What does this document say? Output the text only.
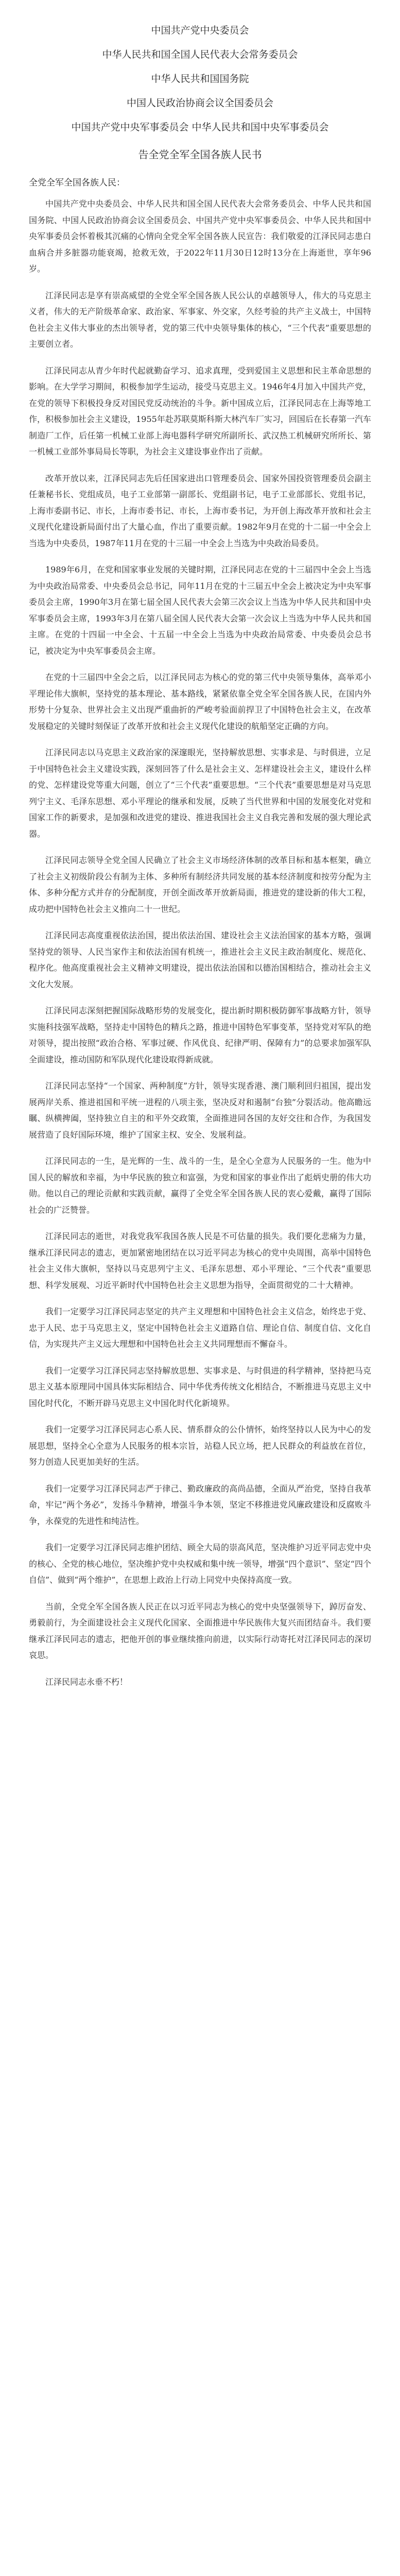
中国共产党中央委员会
中华人民共和国全国人民代表大会常务委员会
中华人民共和国国务院
中国人民政治协商会议全国委员会
中国共产党中央军事委员会 中华人民共和国中央军事委员会
告全党全军全国各族人民书
全党全军全国各族人民：

中国共产党中央委员会、中华人民共和国全国人民代表大会常务委员会、中华人民共和国国务院、中国人民政治协商会议全国委员会、中国共产党中央军事委员会、中华人民共和国中央军事委员会怀着极其沉痛的心情向全党全军全国各族人民宣告：我们敬爱的江泽民同志患白血病合并多脏器功能衰竭，抢救无效，于2022年11月30日12时13分在上海逝世，享年96岁。

江泽民同志是享有崇高威望的全党全军全国各族人民公认的卓越领导人，伟大的马克思主义者，伟大的无产阶级革命家、政治家、军事家、外交家，久经考验的共产主义战士，中国特色社会主义伟大事业的杰出领导者，党的第三代中央领导集体的核心，“三个代表”重要思想的主要创立者。

江泽民同志从青少年时代起就勤奋学习、追求真理，受到爱国主义思想和民主革命思想的影响。在大学学习期间，积极参加学生运动，接受马克思主义。1946年4月加入中国共产党，在党的领导下积极投身反对国民党反动统治的斗争。新中国成立后，江泽民同志在上海等地工作，积极参加社会主义建设，1955年赴苏联莫斯科斯大林汽车厂实习，回国后在长春第一汽车制造厂工作，后任第一机械工业部上海电器科学研究所副所长、武汉热工机械研究所所长、第一机械工业部外事局局长等职，为社会主义建设事业作出了贡献。

改革开放以来，江泽民同志先后任国家进出口管理委员会、国家外国投资管理委员会副主任兼秘书长、党组成员，电子工业部第一副部长、党组副书记，电子工业部部长、党组书记，上海市委副书记、市长，上海市委书记、市长，上海市委书记，为开创上海改革开放和社会主义现代化建设新局面付出了大量心血，作出了重要贡献。1982年9月在党的十二届一中全会上当选为中央委员，1987年11月在党的十三届一中全会上当选为中央政治局委员。

1989年6月，在党和国家事业发展的关键时期，江泽民同志在党的十三届四中全会上当选为中央政治局常委、中央委员会总书记，同年11月在党的十三届五中全会上被决定为中央军事委员会主席，1990年3月在第七届全国人民代表大会第三次会议上当选为中华人民共和国中央军事委员会主席，1993年3月在第八届全国人民代表大会第一次会议上当选为中华人民共和国主席。在党的十四届一中全会、十五届一中全会上当选为中央政治局常委、中央委员会总书记，被决定为中央军事委员会主席。

在党的十三届四中全会之后，以江泽民同志为核心的党的第三代中央领导集体，高举邓小平理论伟大旗帜，坚持党的基本理论、基本路线，紧紧依靠全党全军全国各族人民，在国内外形势十分复杂、世界社会主义出现严重曲折的严峻考验面前捍卫了中国特色社会主义，在改革发展稳定的关键时刻保证了改革开放和社会主义现代化建设的航船坚定正确的方向。

江泽民同志以马克思主义政治家的深邃眼光，坚持解放思想、实事求是、与时俱进，立足于中国特色社会主义建设实践，深刻回答了什么是社会主义、怎样建设社会主义，建设什么样的党、怎样建设党等重大问题，创立了“三个代表”重要思想。“三个代表”重要思想是对马克思列宁主义、毛泽东思想、邓小平理论的继承和发展，反映了当代世界和中国的发展变化对党和国家工作的新要求，是加强和改进党的建设、推进我国社会主义自我完善和发展的强大理论武器。

江泽民同志领导全党全国人民确立了社会主义市场经济体制的改革目标和基本框架，确立了社会主义初级阶段公有制为主体、多种所有制经济共同发展的基本经济制度和按劳分配为主体、多种分配方式并存的分配制度，开创全面改革开放新局面，推进党的建设新的伟大工程，成功把中国特色社会主义推向二十一世纪。

江泽民同志高度重视依法治国，提出依法治国、建设社会主义法治国家的基本方略，强调坚持党的领导、人民当家作主和依法治国有机统一，推进社会主义民主政治制度化、规范化、程序化。他高度重视社会主义精神文明建设，提出依法治国和以德治国相结合，推动社会主义文化大发展。

江泽民同志深刻把握国际战略形势的发展变化，提出新时期积极防御军事战略方针，领导实施科技强军战略，坚持走中国特色的精兵之路，推进中国特色军事变革，坚持党对军队的绝对领导，提出按照“政治合格、军事过硬、作风优良、纪律严明、保障有力”的总要求加强军队全面建设，推动国防和军队现代化建设取得新成就。

江泽民同志坚持“一个国家、两种制度”方针，领导实现香港、澳门顺利回归祖国，提出发展两岸关系、推进祖国和平统一进程的八项主张，坚决反对和遏制“台独”分裂活动。他高瞻远瞩、纵横捭阖，坚持独立自主的和平外交政策，全面推进同各国的友好交往和合作，为我国发展营造了良好国际环境，维护了国家主权、安全、发展利益。

江泽民同志的一生，是光辉的一生、战斗的一生，是全心全意为人民服务的一生。他为中国人民的解放和幸福，为中华民族的独立和富强，为党和国家的事业作出了彪炳史册的伟大功勋。他以自己的理论贡献和实践贡献，赢得了全党全军全国各族人民的衷心爱戴，赢得了国际社会的广泛赞誉。

江泽民同志的逝世，对我党我军我国各族人民是不可估量的损失。我们要化悲痛为力量，继承江泽民同志的遗志，更加紧密地团结在以习近平同志为核心的党中央周围，高举中国特色社会主义伟大旗帜，坚持以马克思列宁主义、毛泽东思想、邓小平理论、“三个代表”重要思想、科学发展观、习近平新时代中国特色社会主义思想为指导，全面贯彻党的二十大精神。

我们一定要学习江泽民同志坚定的共产主义理想和中国特色社会主义信念，始终忠于党、忠于人民、忠于马克思主义，坚定中国特色社会主义道路自信、理论自信、制度自信、文化自信，为实现共产主义远大理想和中国特色社会主义共同理想而不懈奋斗。

我们一定要学习江泽民同志坚持解放思想、实事求是、与时俱进的科学精神，坚持把马克思主义基本原理同中国具体实际相结合、同中华优秀传统文化相结合，不断推进马克思主义中国化时代化，不断开辟马克思主义中国化时代化新境界。

我们一定要学习江泽民同志心系人民、情系群众的公仆情怀，始终坚持以人民为中心的发展思想，坚持全心全意为人民服务的根本宗旨，站稳人民立场，把人民群众的利益放在首位，努力创造人民更加美好的生活。

我们一定要学习江泽民同志严于律己、勤政廉政的高尚品德，全面从严治党，坚持自我革命，牢记“两个务必”，发扬斗争精神，增强斗争本领，坚定不移推进党风廉政建设和反腐败斗争，永葆党的先进性和纯洁性。

我们一定要学习江泽民同志维护团结、顾全大局的崇高风范，坚决维护习近平同志党中央的核心、全党的核心地位，坚决维护党中央权威和集中统一领导，增强“四个意识”、坚定“四个自信”、做到“两个维护”，在思想上政治上行动上同党中央保持高度一致。

当前，全党全军全国各族人民正在以习近平同志为核心的党中央坚强领导下，踔厉奋发、勇毅前行，为全面建设社会主义现代化国家、全面推进中华民族伟大复兴而团结奋斗。我们要继承江泽民同志的遗志，把他开创的事业继续推向前进，以实际行动寄托对江泽民同志的深切哀思。

江泽民同志永垂不朽！
